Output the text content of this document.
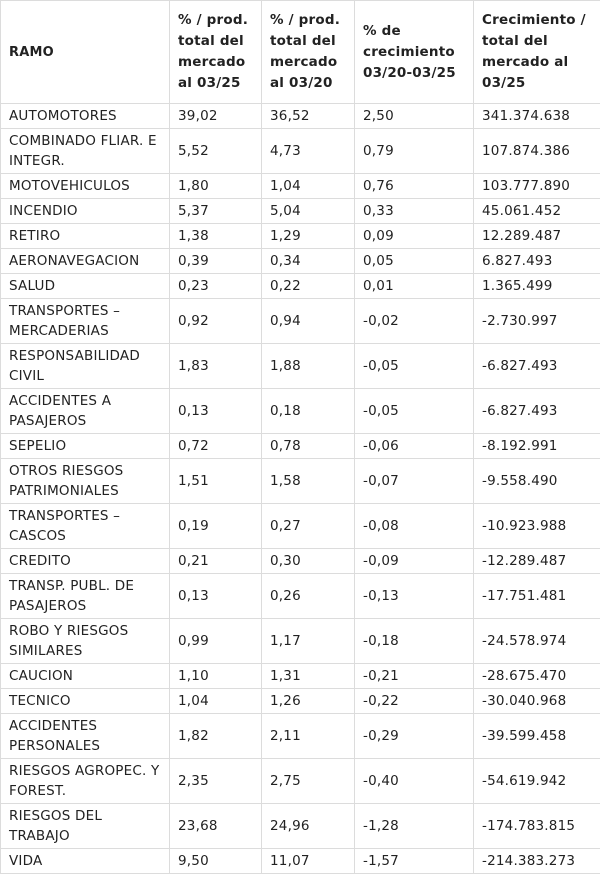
RAMO	% / prod. total del mercado al 03/25	% / prod. total del mercado al 03/20	% de crecimiento 03/20-03/25	Crecimiento / total del mercado al 03/25
AUTOMOTORES	39,02	36,52	2,50	341.374.638
COMBINADO FLIAR. E INTEGR.	5,52	4,73	0,79	107.874.386
MOTOVEHICULOS	1,80	1,04	0,76	103.777.890
INCENDIO	5,37	5,04	0,33	45.061.452
RETIRO	1,38	1,29	0,09	12.289.487
AERONAVEGACION	0,39	0,34	0,05	6.827.493
SALUD	0,23	0,22	0,01	1.365.499
TRANSPORTES – MERCADERIAS	0,92	0,94	-0,02	-2.730.997
RESPONSABILIDAD CIVIL	1,83	1,88	-0,05	-6.827.493
ACCIDENTES A PASAJEROS	0,13	0,18	-0,05	-6.827.493
SEPELIO	0,72	0,78	-0,06	-8.192.991
OTROS RIESGOS PATRIMONIALES	1,51	1,58	-0,07	-9.558.490
TRANSPORTES – CASCOS	0,19	0,27	-0,08	-10.923.988
CREDITO	0,21	0,30	-0,09	-12.289.487
TRANSP. PUBL. DE PASAJEROS	0,13	0,26	-0,13	-17.751.481
ROBO Y RIESGOS SIMILARES	0,99	1,17	-0,18	-24.578.974
CAUCION	1,10	1,31	-0,21	-28.675.470
TECNICO	1,04	1,26	-0,22	-30.040.968
ACCIDENTES PERSONALES	1,82	2,11	-0,29	-39.599.458
RIESGOS AGROPEC. Y FOREST.	2,35	2,75	-0,40	-54.619.942
RIESGOS DEL TRABAJO	23,68	24,96	-1,28	-174.783.815
VIDA	9,50	11,07	-1,57	-214.383.273
